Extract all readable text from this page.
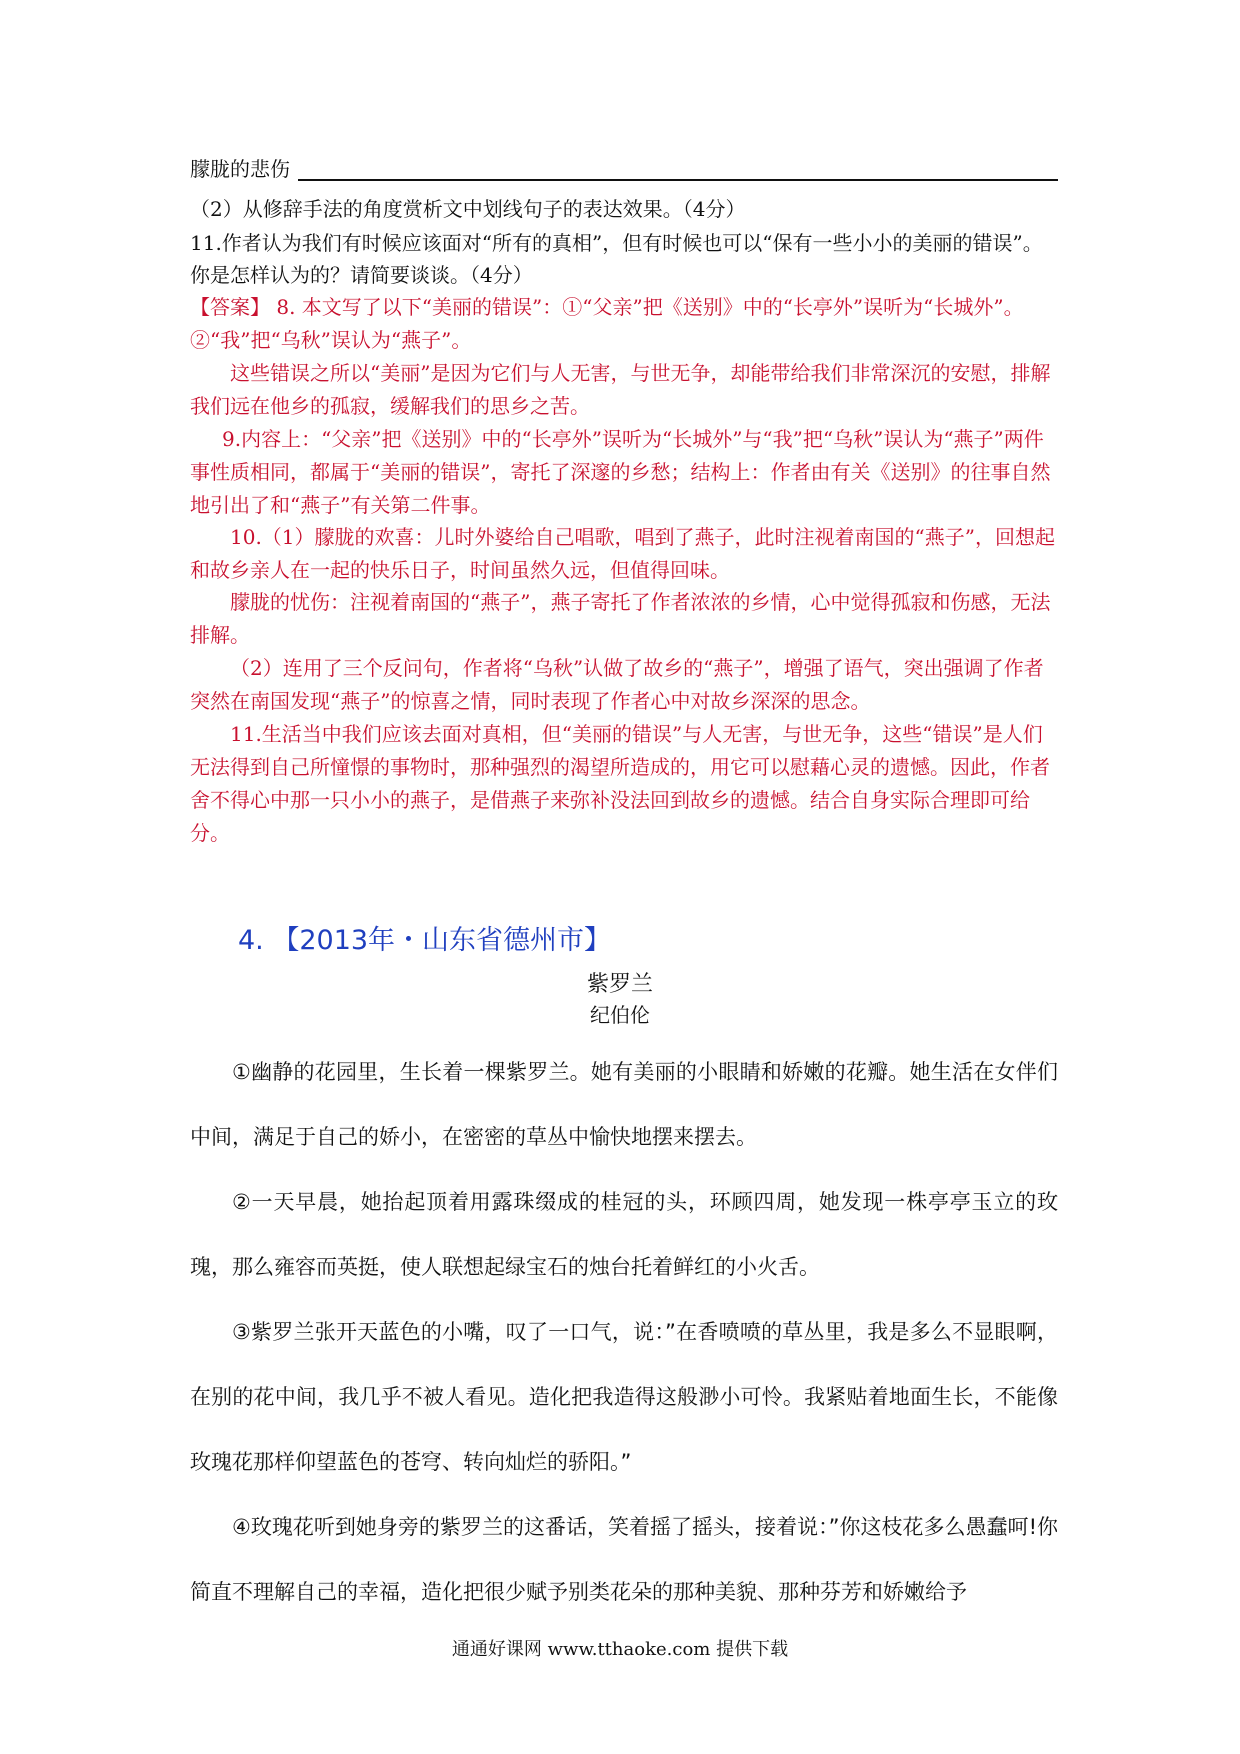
朦胧的悲伤
（2）从修辞手法的角度赏析文中划线句子的表达效果。（4分）
11.作者认为我们有时候应该面对“所有的真相”，但有时候也可以“保有一些小小的美丽的错误”。你是怎样认为的？请简要谈谈。（4分）
【答案】 8. 本文写了以下“美丽的错误”：①“父亲”把《送别》中的“长亭外”误听为“长城外”。 ②“我”把“乌秋”误认为“燕子”。
这些错误之所以“美丽”是因为它们与人无害，与世无争，却能带给我们非常深沉的安慰，排解我们远在他乡的孤寂，缓解我们的思乡之苦。
9.内容上：“父亲”把《送别》中的“长亭外”误听为“长城外”与“我”把“乌秋”误认为“燕子”两件事性质相同，都属于“美丽的错误”，寄托了深邃的乡愁；结构上：作者由有关《送别》的往事自然地引出了和“燕子”有关第二件事。
10.（1）朦胧的欢喜：儿时外婆给自己唱歌，唱到了燕子，此时注视着南国的“燕子”，回想起和故乡亲人在一起的快乐日子，时间虽然久远，但值得回味。
朦胧的忧伤：注视着南国的“燕子”，燕子寄托了作者浓浓的乡情，心中觉得孤寂和伤感，无法排解。
（2）连用了三个反问句，作者将“乌秋”认做了故乡的“燕子”，增强了语气，突出强调了作者突然在南国发现“燕子”的惊喜之情，同时表现了作者心中对故乡深深的思念。
11.生活当中我们应该去面对真相，但“美丽的错误”与人无害，与世无争，这些“错误”是人们无法得到自己所憧憬的事物时，那种强烈的渴望所造成的，用它可以慰藉心灵的遗憾。因此，作者舍不得心中那一只小小的燕子，是借燕子来弥补没法回到故乡的遗憾。结合自身实际合理即可给分。
4. 【2013年・山东省德州市】
紫罗兰
纪伯伦

①幽静的花园里，生长着一棵紫罗兰。她有美丽的小眼睛和娇嫩的花瓣。她生活在女伴们中间，满足于自己的娇小，在密密的草丛中愉快地摆来摆去。

②一天早晨，她抬起顶着用露珠缀成的桂冠的头，环顾四周，她发现一株亭亭玉立的玫瑰，那么雍容而英挺，使人联想起绿宝石的烛台托着鲜红的小火舌。

③紫罗兰张开天蓝色的小嘴，叹了一口气，说：”在香喷喷的草丛里，我是多么不显眼啊，在别的花中间，我几乎不被人看见。造化把我造得这般渺小可怜。我紧贴着地面生长，不能像玫瑰花那样仰望蓝色的苍穹、转向灿烂的骄阳。”

④玫瑰花听到她身旁的紫罗兰的这番话，笑着摇了摇头，接着说：”你这枝花多么愚蠢呵!你简直不理解自己的幸福，造化把很少赋予别类花朵的那种美貌、那种芬芳和娇嫩给予

通通好课网 www.tthaoke.com 提供下载
